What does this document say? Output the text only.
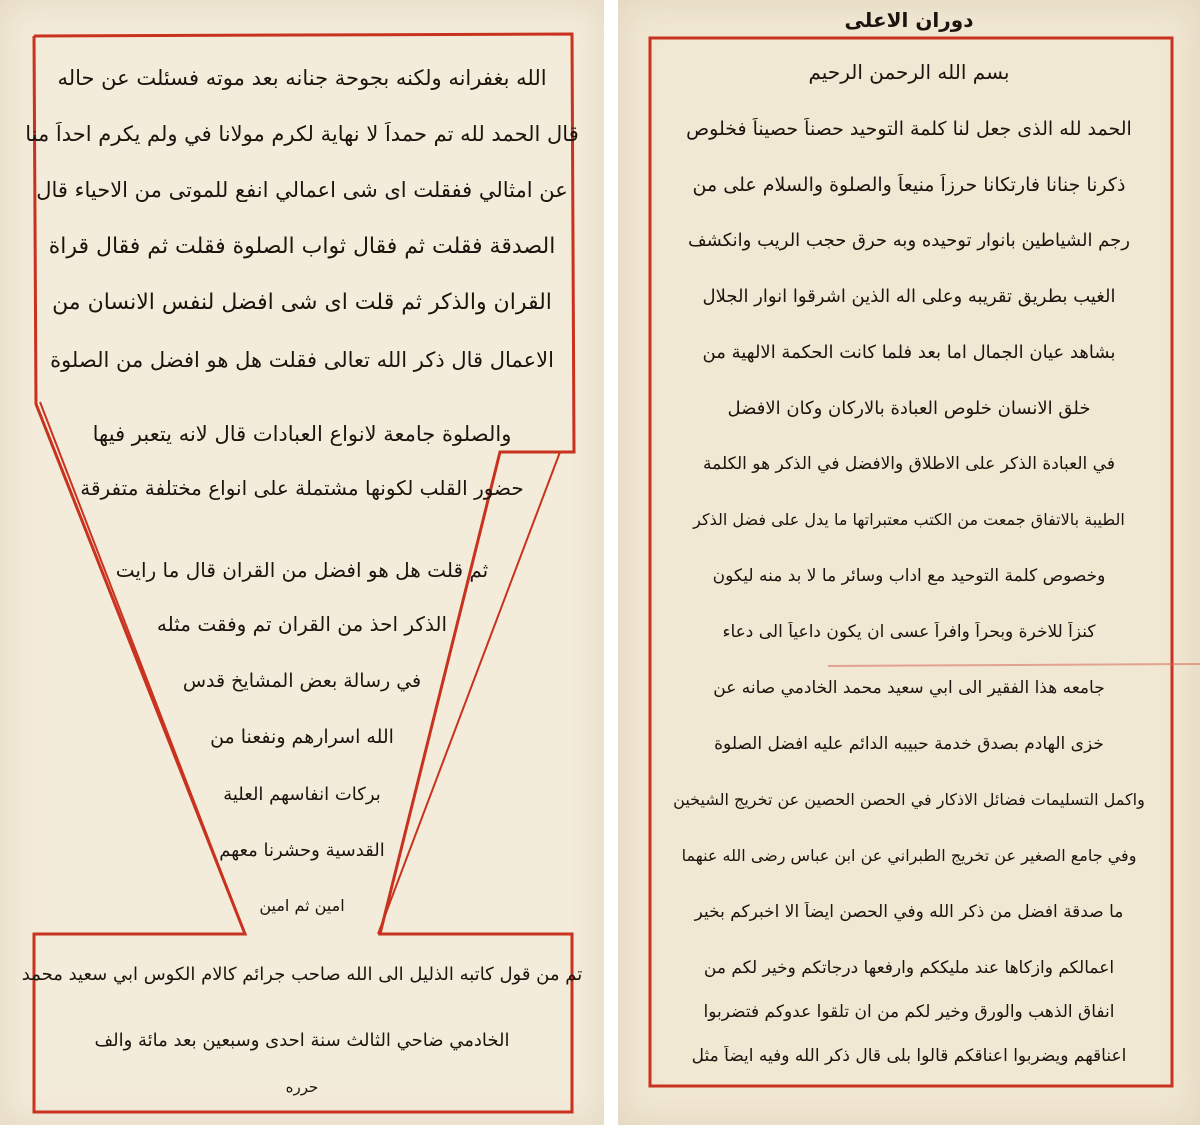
الله بغفرانه ولكنه بجوحة جنانه بعد موته فسئلت عن حاله
قال الحمد لله تم حمداً لا نهاية لكرم مولانا في ولم يكرم احداً منا
عن امثالي ففقلت اى شى اعمالي انفع للموتى من الاحياء قال
الصدقة فقلت ثم فقال ثواب الصلوة فقلت ثم فقال قراة
القران والذكر ثم قلت اى شى افضل لنفس الانسان من
الاعمال قال ذكر الله تعالى فقلت هل هو افضل من الصلوة
والصلوة جامعة لانواع العبادات قال لانه يتعبر فيها
حضور القلب لكونها مشتملة على انواع مختلفة متفرقة
ثم قلت هل هو افضل من القران قال ما رايت
الذكر احذ من القران تم وفقت مثله
في رسالة بعض المشايخ قدس
الله اسرارهم ونفعنا من
بركات انفاسهم العلية
القدسية وحشرنا معهم
امين ثم امين
تم من قول كاتبه الذليل الى الله صاحب جرائم كالام الكوس ابي سعيد محمد
الخادمي ضاحي الثالث سنة احدى وسبعين بعد مائة والف
حرره
دوران الاعلى
بسم الله الرحمن الرحيم
الحمد لله الذى جعل لنا كلمة التوحيد حصناً حصيناً فخلوص
ذكرنا جنانا فارتكانا حرزاً منيعاً والصلوة والسلام على من
رجم الشياطين بانوار توحيده وبه حرق حجب الريب وانكشف
الغيب بطريق تقريبه وعلى اله الذين اشرقوا انوار الجلال
بشاهد عيان الجمال اما بعد فلما كانت الحكمة الالهية من
خلق الانسان خلوص العبادة بالاركان وكان الافضل
في العبادة الذكر على الاطلاق والافضل في الذكر هو الكلمة
الطيبة بالاتفاق جمعت من الكتب معتبراتها ما يدل على فضل الذكر
وخصوص كلمة التوحيد مع اداب وسائر ما لا بد منه ليكون
كنزاً للاخرة وبحراً وافراً عسى ان يكون داعياً الى دعاء
جامعه هذا الفقير الى ابي سعيد محمد الخادمي صانه عن
خزى الهادم بصدق خدمة حبيبه الدائم عليه افضل الصلوة
واكمل التسليمات فضائل الاذكار في الحصن الحصين عن تخريج الشيخين
وفي جامع الصغير عن تخريج الطبراني عن ابن عباس رضى الله عنهما
ما صدقة افضل من ذكر الله وفي الحصن ايضاً الا اخبركم بخير
اعمالكم وازكاها عند مليككم وارفعها درجاتكم وخير لكم من
انفاق الذهب والورق وخير لكم من ان تلقوا عدوكم فتضربوا
اعناقهم ويضربوا اعناقكم قالوا بلى قال ذكر الله وفيه ايضاً مثل
